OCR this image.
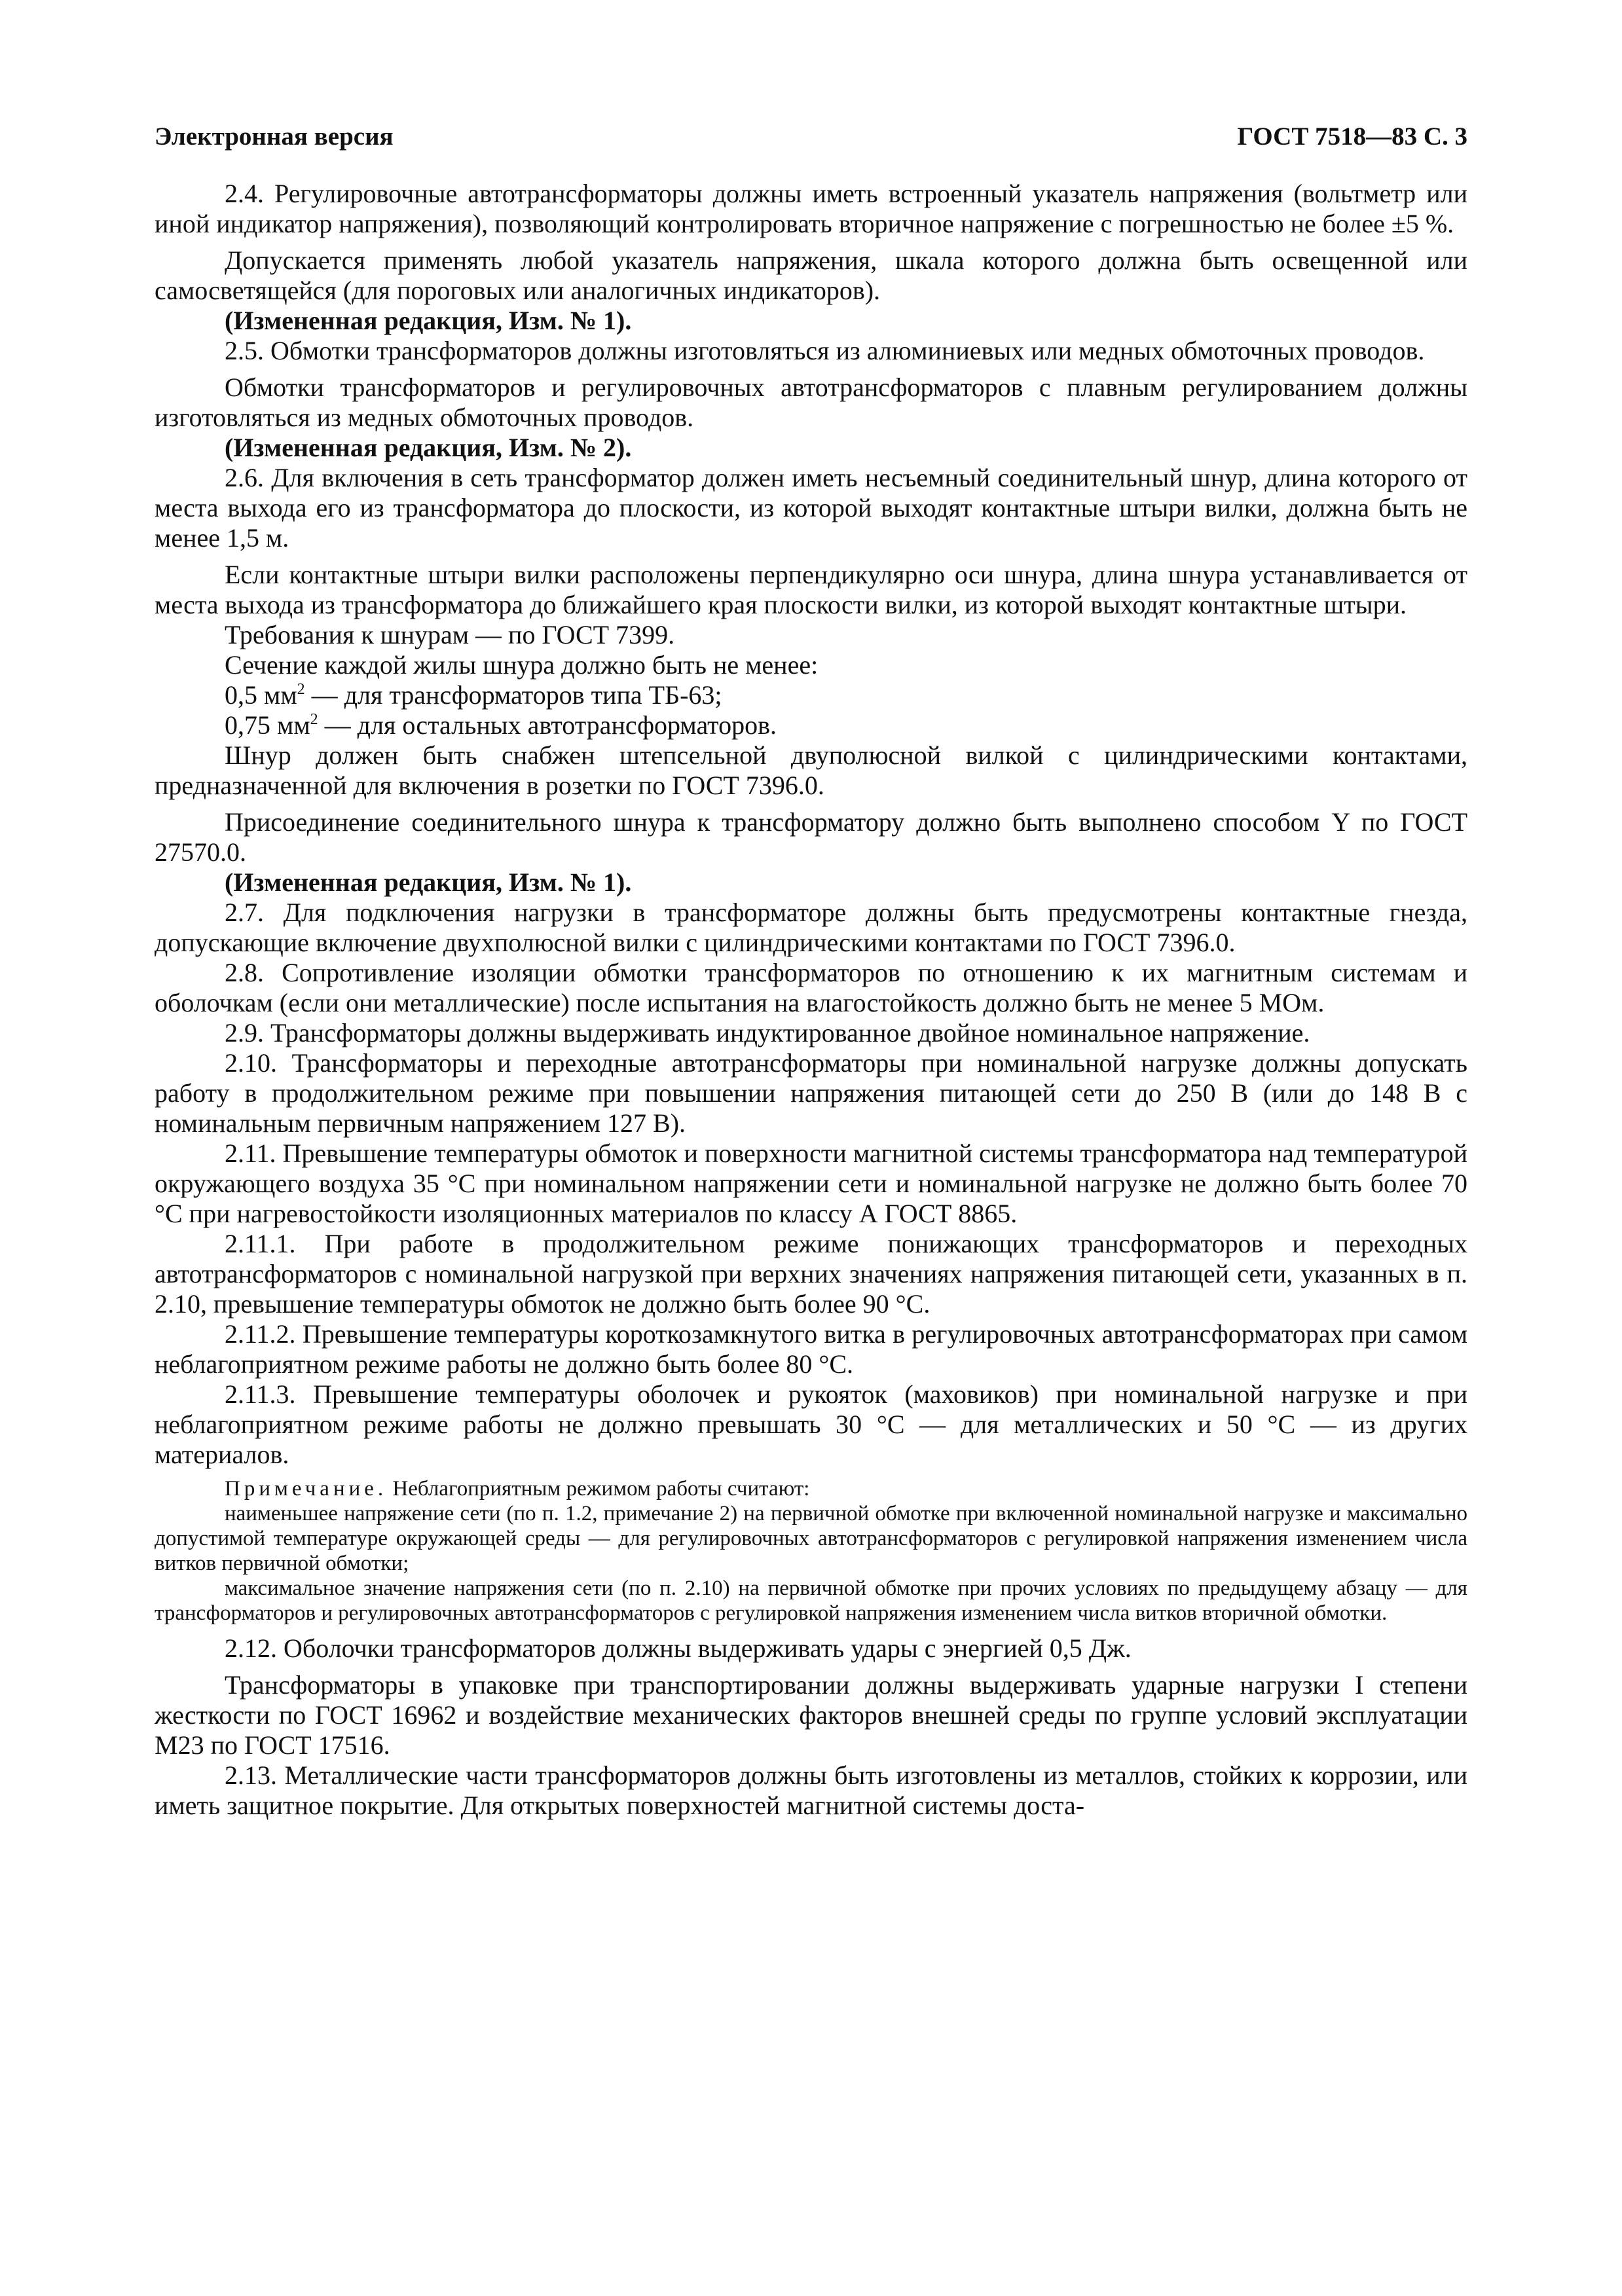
Электронная версия	ГОСТ 7518—83 С. 3

2.4. Регулировочные автотрансформаторы должны иметь встроенный указатель напряжения (вольтметр или иной индикатор напряжения), позволяющий контролировать вторичное напряжение с погрешностью не более ±5 %.

Допускается применять любой указатель напряжения, шкала которого должна быть освещенной или самосветящейся (для пороговых или аналогичных индикаторов).

(Измененная редакция, Изм. № 1).

2.5. Обмотки трансформаторов должны изготовляться из алюминиевых или медных обмоточных проводов.

Обмотки трансформаторов и регулировочных автотрансформаторов с плавным регулированием должны изготовляться из медных обмоточных проводов.

(Измененная редакция, Изм. № 2).

2.6. Для включения в сеть трансформатор должен иметь несъемный соединительный шнур, длина которого от места выхода его из трансформатора до плоскости, из которой выходят контактные штыри вилки, должна быть не менее 1,5 м.

Если контактные штыри вилки расположены перпендикулярно оси шнура, длина шнура устанавливается от места выхода из трансформатора до ближайшего края плоскости вилки, из которой выходят контактные штыри.

Требования к шнурам — по ГОСТ 7399.

Сечение каждой жилы шнура должно быть не менее:

0,5 $мм^2$ — для трансформаторов типа ТБ-63;

0,75 $мм^2$ — для остальных автотрансформаторов.

Шнур должен быть снабжен штепсельной двуполюсной вилкой с цилиндрическими контактами, предназначенной для включения в розетки по ГОСТ 7396.0.

Присоединение соединительного шнура к трансформатору должно быть выполнено способом Y по ГОСТ 27570.0.

(Измененная редакция, Изм. № 1).

2.7. Для подключения нагрузки в трансформаторе должны быть предусмотрены контактные гнезда, допускающие включение двухполюсной вилки с цилиндрическими контактами по ГОСТ 7396.0.

2.8. Сопротивление изоляции обмотки трансформаторов по отношению к их магнитным системам и оболочкам (если они металлические) после испытания на влагостойкость должно быть не менее 5 МОм.

2.9. Трансформаторы должны выдерживать индуктированное двойное номинальное напряжение.

2.10. Трансформаторы и переходные автотрансформаторы при номинальной нагрузке должны допускать работу в продолжительном режиме при повышении напряжения питающей сети до 250 В (или до 148 В с номинальным первичным напряжением 127 В).

2.11. Превышение температуры обмоток и поверхности магнитной системы трансформатора над температурой окружающего воздуха 35 °С при номинальном напряжении сети и номинальной нагрузке не должно быть более 70 °С при нагревостойкости изоляционных материалов по классу А ГОСТ 8865.

2.11.1. При работе в продолжительном режиме понижающих трансформаторов и переходных автотрансформаторов с номинальной нагрузкой при верхних значениях напряжения питающей сети, указанных в п. 2.10, превышение температуры обмоток не должно быть более 90 °С.

2.11.2. Превышение температуры короткозамкнутого витка в регулировочных автотрансформаторах при самом неблагоприятном режиме работы не должно быть более 80 °С.

2.11.3. Превышение температуры оболочек и рукояток (маховиков) при номинальной нагрузке и при неблагоприятном режиме работы не должно превышать 30 °С — для металлических и 50 °С — из других материалов.

Примечание. Неблагоприятным режимом работы считают:

наименьшее напряжение сети (по п. 1.2, примечание 2) на первичной обмотке при включенной номинальной нагрузке и максимально допустимой температуре окружающей среды — для регулировочных автотрансформаторов с регулировкой напряжения изменением числа витков первичной обмотки;

максимальное значение напряжения сети (по п. 2.10) на первичной обмотке при прочих условиях по предыдущему абзацу — для трансформаторов и регулировочных автотрансформаторов с регулировкой напряжения изменением числа витков вторичной обмотки.

2.12. Оболочки трансформаторов должны выдерживать удары с энергией 0,5 Дж.

Трансформаторы в упаковке при транспортировании должны выдерживать ударные нагрузки I степени жесткости по ГОСТ 16962 и воздействие механических факторов внешней среды по группе условий эксплуатации М23 по ГОСТ 17516.

2.13. Металлические части трансформаторов должны быть изготовлены из металлов, стойких к коррозии, или иметь защитное покрытие. Для открытых поверхностей магнитной системы доста-
